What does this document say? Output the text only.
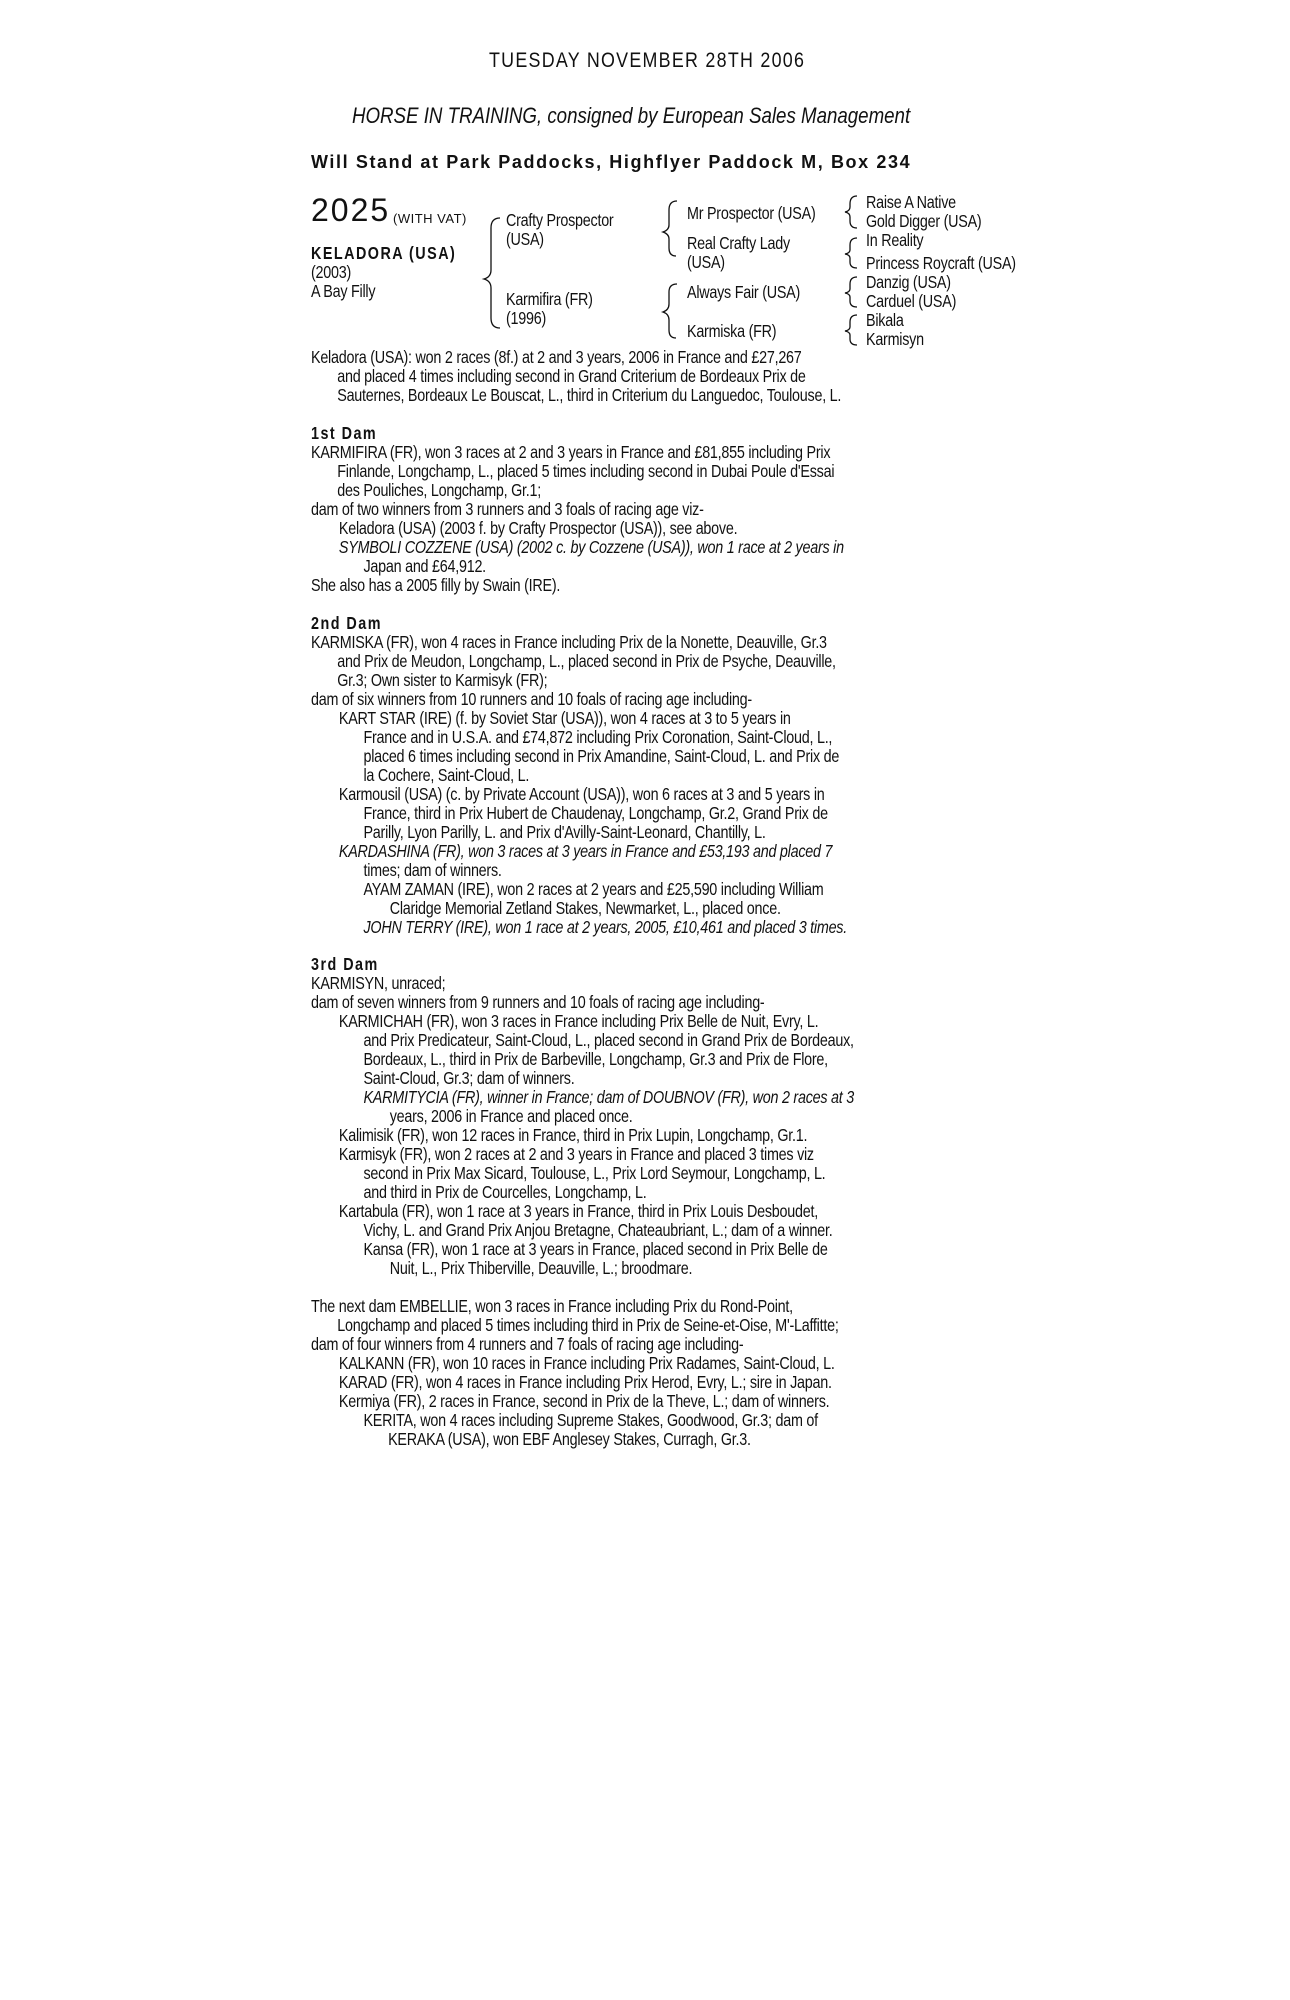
TUESDAY NOVEMBER 28TH 2006
HORSE IN TRAINING, consigned by European Sales Management
Will Stand at Park Paddocks, Highflyer Paddock M, Box 234
2025 (WITH VAT)
KELADORA (USA)
(2003)
A Bay Filly
Crafty Prospector
(USA)
Karmifira (FR)
(1996)
Mr Prospector (USA)
Real Crafty Lady
(USA)
Always Fair (USA)
Karmiska (FR)
Raise A Native
Gold Digger (USA)
In Reality
Princess Roycraft (USA)
Danzig (USA)
Carduel (USA)
Bikala
Karmisyn
Keladora (USA): won 2 races (8f.) at 2 and 3 years, 2006 in France and £27,267
and placed 4 times including second in Grand Criterium de Bordeaux Prix de
Sauternes, Bordeaux Le Bouscat, L., third in Criterium du Languedoc, Toulouse, L.
1st Dam
KARMIFIRA (FR), won 3 races at 2 and 3 years in France and £81,855 including Prix
Finlande, Longchamp, L., placed 5 times including second in Dubai Poule d'Essai
des Pouliches, Longchamp, Gr.1;
dam of two winners from 3 runners and 3 foals of racing age viz-
Keladora (USA) (2003 f. by Crafty Prospector (USA)), see above.
SYMBOLI COZZENE (USA) (2002 c. by Cozzene (USA)), won 1 race at 2 years in
Japan and £64,912.
She also has a 2005 filly by Swain (IRE).
2nd Dam
KARMISKA (FR), won 4 races in France including Prix de la Nonette, Deauville, Gr.3
and Prix de Meudon, Longchamp, L., placed second in Prix de Psyche, Deauville,
Gr.3; Own sister to Karmisyk (FR);
dam of six winners from 10 runners and 10 foals of racing age including-
KART STAR (IRE) (f. by Soviet Star (USA)), won 4 races at 3 to 5 years in
France and in U.S.A. and £74,872 including Prix Coronation, Saint-Cloud, L.,
placed 6 times including second in Prix Amandine, Saint-Cloud, L. and Prix de
la Cochere, Saint-Cloud, L.
Karmousil (USA) (c. by Private Account (USA)), won 6 races at 3 and 5 years in
France, third in Prix Hubert de Chaudenay, Longchamp, Gr.2, Grand Prix de
Parilly, Lyon Parilly, L. and Prix d'Avilly-Saint-Leonard, Chantilly, L.
KARDASHINA (FR), won 3 races at 3 years in France and £53,193 and placed 7
times; dam of winners.
AYAM ZAMAN (IRE), won 2 races at 2 years and £25,590 including William
Claridge Memorial Zetland Stakes, Newmarket, L., placed once.
JOHN TERRY (IRE), won 1 race at 2 years, 2005, £10,461 and placed 3 times.
3rd Dam
KARMISYN, unraced;
dam of seven winners from 9 runners and 10 foals of racing age including-
KARMICHAH (FR), won 3 races in France including Prix Belle de Nuit, Evry, L.
and Prix Predicateur, Saint-Cloud, L., placed second in Grand Prix de Bordeaux,
Bordeaux, L., third in Prix de Barbeville, Longchamp, Gr.3 and Prix de Flore,
Saint-Cloud, Gr.3; dam of winners.
KARMITYCIA (FR), winner in France; dam of DOUBNOV (FR), won 2 races at 3
years, 2006 in France and placed once.
Kalimisik (FR), won 12 races in France, third in Prix Lupin, Longchamp, Gr.1.
Karmisyk (FR), won 2 races at 2 and 3 years in France and placed 3 times viz
second in Prix Max Sicard, Toulouse, L., Prix Lord Seymour, Longchamp, L.
and third in Prix de Courcelles, Longchamp, L.
Kartabula (FR), won 1 race at 3 years in France, third in Prix Louis Desboudet,
Vichy, L. and Grand Prix Anjou Bretagne, Chateaubriant, L.; dam of a winner.
Kansa (FR), won 1 race at 3 years in France, placed second in Prix Belle de
Nuit, L., Prix Thiberville, Deauville, L.; broodmare.
The next dam EMBELLIE, won 3 races in France including Prix du Rond-Point,
Longchamp and placed 5 times including third in Prix de Seine-et-Oise, M'-Laffitte;
dam of four winners from 4 runners and 7 foals of racing age including-
KALKANN (FR), won 10 races in France including Prix Radames, Saint-Cloud, L.
KARAD (FR), won 4 races in France including Prix Herod, Evry, L.; sire in Japan.
Kermiya (FR), 2 races in France, second in Prix de la Theve, L.; dam of winners.
KERITA, won 4 races including Supreme Stakes, Goodwood, Gr.3; dam of
KERAKA (USA), won EBF Anglesey Stakes, Curragh, Gr.3.
